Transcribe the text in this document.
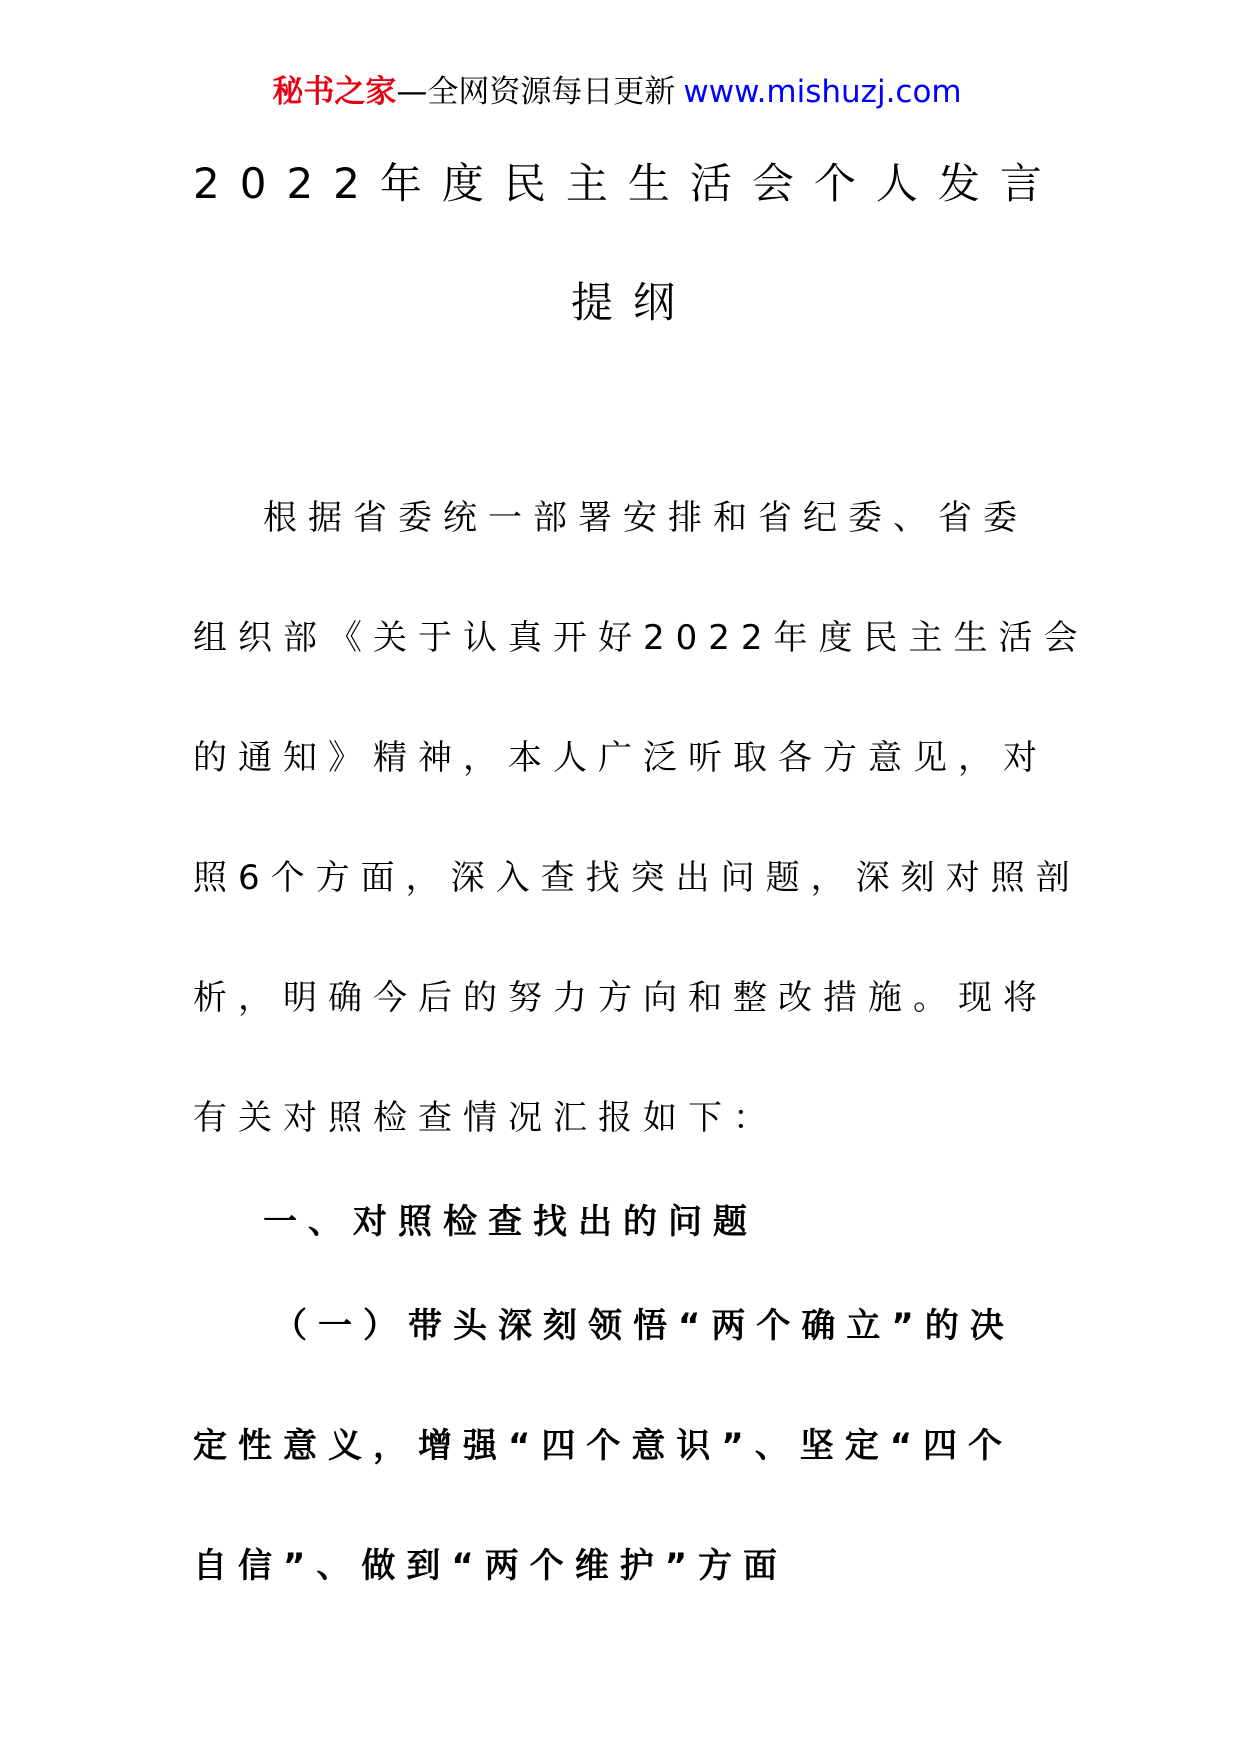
秘书之家—全网资源每日更新 www.mishuzj.com
2022年度民主生活会个人发言
提纲
根据省委统一部署安排和省纪委、省委
组织部《关于认真开好2022年度民主生活会
的通知》精神，本人广泛听取各方意见，对
照6个方面，深入查找突出问题，深刻对照剖
析，明确今后的努力方向和整改措施。现将
有关对照检查情况汇报如下：
一、对照检查找出的问题
（一）带头深刻领悟“两个确立”的决
定性意义，增强“四个意识”、坚定“四个
自信”、做到“两个维护”方面
